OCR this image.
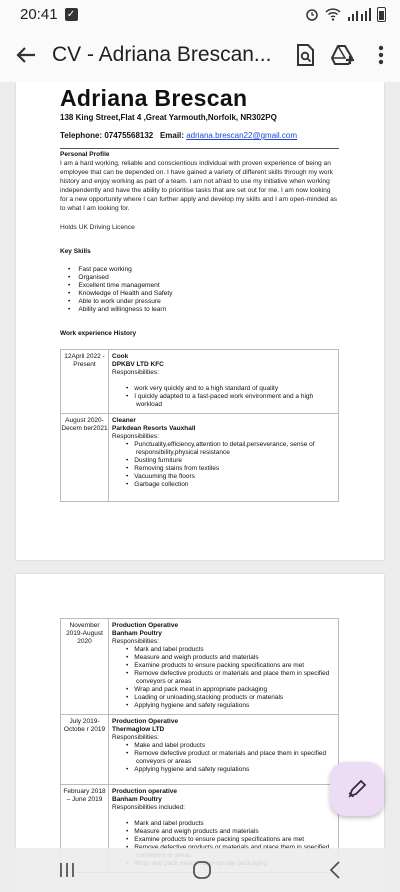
20:41 ✓
CV - Adriana Brescan...
Adriana Brescan
138 King Street,Flat 4 ,Great Yarmouth,Norfolk, NR302PQ
Telephone: 07475568132 Email: adriana.brescan22@gmail.com
Personal Profile
I am a hard working, reliable and conscientious individual with proven experience of being an employee that can be depended on. I have gained a variety of different skills through my work history and enjoy working as part of a team. I am not afraid to use my initiative when working independently and have the ability to prioritise tasks that are set out for me. I am now looking for a new opportunity where I can further apply and develop my skills and I am open-minded as to what I am looking for.
Holds UK Driving Licence
Key Skills
• Fast pace working
• Organised
• Excellent time management
• Knowledge of Health and Safety
• Able to work under pressure
• Ability and willingness to learn
Work experience History
12April 2022 -Present
Cook
DPKBV LTD KFC
Responsibilities:
• work very quickly and to a high standard of quality
• I quickly adapted to a fast-paced work environment and a high workload
August 2020-Decem ber2021
Cleaner
Parkdean Resorts Vauxhall
Responsibilities:
• Punctuality,efficiency,attention to detail,perseverance, sense of responsibility,physical resistance
• Dusting furniture
• Removing stains from textiles
• Vacuuming the floors
• Garbage collection
November 2019-August 2020
Production Operative
Banham Poultry
Responsibilities:
• Mark and label products
• Measure and weigh products and materials
• Examine products to ensure packing specifications are met
• Remove defective products or materials and place them in specified conveyors or areas
• Wrap and pack meat in appropriate packaging
• Loading or unloading,stacking products or materials
• Applying hygiene and safety regulations
July 2019-Octobe r 2019
Production Operative
Thermaglow LTD
Responsibilities:
• Make and label products
• Remove defective product or materials and place them in specified conveyors or areas
• Applying hygiene and safety regulations
February 2018 – June 2019
Production operative
Banham Poultry
Responsibilities included:
• Mark and label products
• Measure and weigh products and materials
• Examine products to ensure packing specifications are met
•
•
